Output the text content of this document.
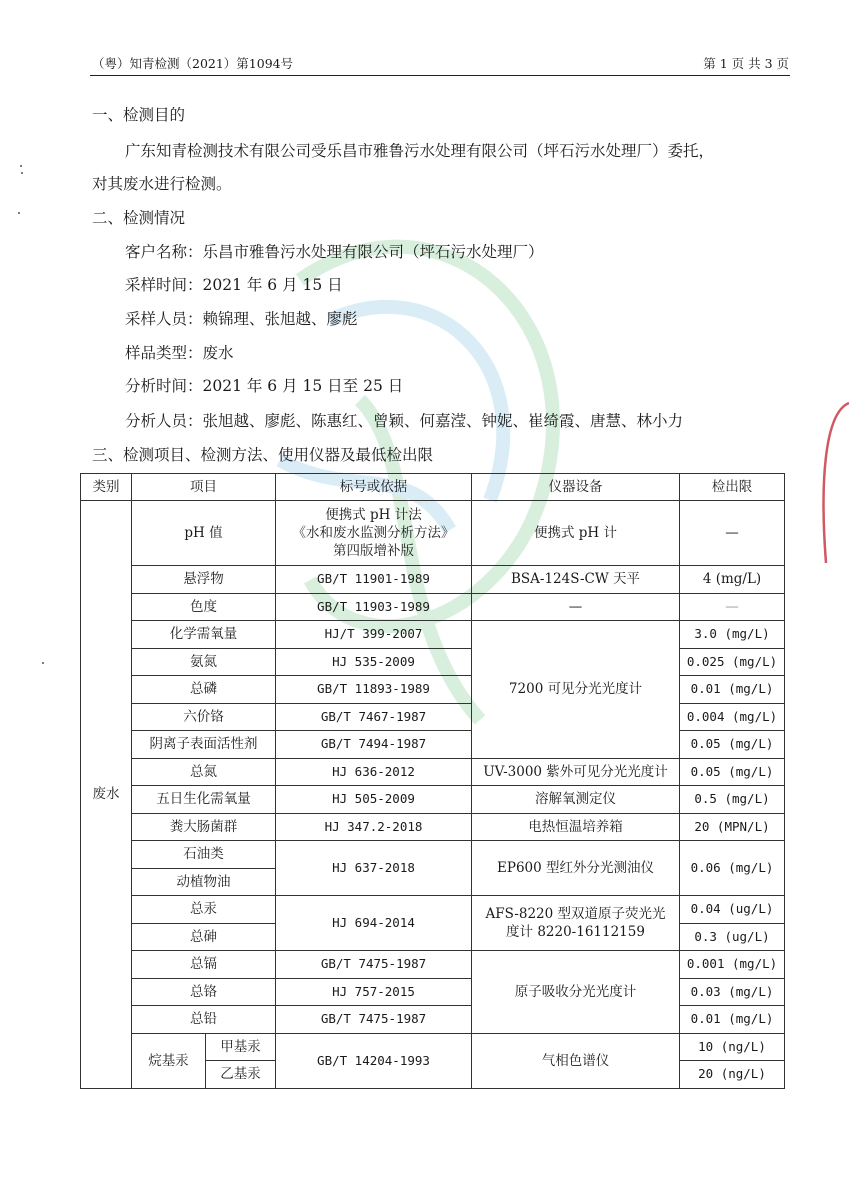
（粤）知青检测（2021）第1094号	第 1 页 共 3 页
一、检测目的
广东知青检测技术有限公司受乐昌市雅鲁污水处理有限公司（坪石污水处理厂）委托，
对其废水进行检测。
二、检测情况
客户名称：乐昌市雅鲁污水处理有限公司（坪石污水处理厂）
采样时间：2021 年 6 月 15 日
采样人员：赖锦理、张旭越、廖彪
样品类型：废水
分析时间：2021 年 6 月 15 日至 25 日
分析人员：张旭越、廖彪、陈惠红、曾颖、何嘉滢、钟妮、崔绮霞、唐慧、林小力
三、检测项目、检测方法、使用仪器及最低检出限
类别	项目		标号或依据	仪器设备	检出限
废水	pH 值		便携式 pH 计法
《水和废水监测分析方法》
第四版增补版	便携式 pH 计	—
	悬浮物		GB/T 11901-1989	BSA-124S-CW 天平	4 (mg/L)
	色度		GB/T 11903-1989	—	—
	化学需氧量		HJ/T 399-2007	7200 可见分光光度计	3.0 (mg/L)
	氨氮		HJ 535-2009		0.025 (mg/L)
	总磷		GB/T 11893-1989		0.01 (mg/L)
	六价铬		GB/T 7467-1987		0.004 (mg/L)
	阴离子表面活性剂		GB/T 7494-1987		0.05 (mg/L)
	总氮		HJ 636-2012	UV-3000 紫外可见分光光度计	0.05 (mg/L)
	五日生化需氧量		HJ 505-2009	溶解氧测定仪	0.5 (mg/L)
	粪大肠菌群		HJ 347.2-2018	电热恒温培养箱	20 (MPN/L)
	石油类		HJ 637-2018	EP600 型红外分光测油仪	0.06 (mg/L)
	动植物油				
	总汞		HJ 694-2014	AFS-8220 型双道原子荧光光
度计 8220-16112159	0.04 (ug/L)
	总砷				0.3 (ug/L)
	总镉		GB/T 7475-1987	原子吸收分光光度计	0.001 (mg/L)
	总铬		HJ 757-2015		0.03 (mg/L)
	总铅		GB/T 7475-1987		0.01 (mg/L)
	烷基汞	甲基汞	GB/T 14204-1993	气相色谱仪	10 (ng/L)
		乙基汞			20 (ng/L)
